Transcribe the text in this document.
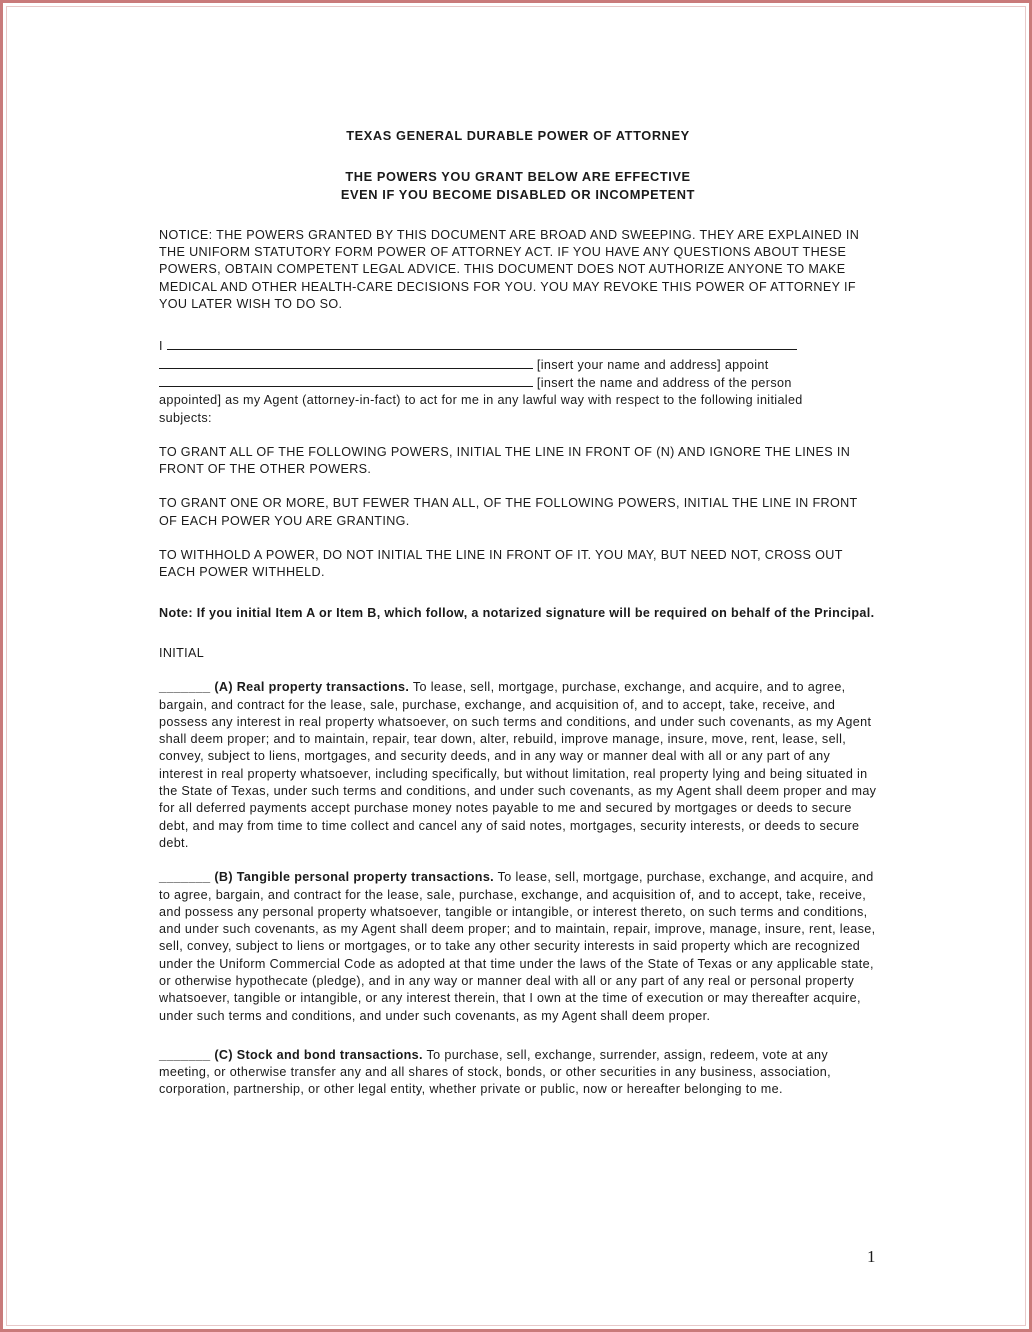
TEXAS GENERAL DURABLE POWER OF ATTORNEY

THE POWERS YOU GRANT BELOW ARE EFFECTIVE
EVEN IF YOU BECOME DISABLED OR INCOMPETENT

NOTICE: THE POWERS GRANTED BY THIS DOCUMENT ARE BROAD AND SWEEPING. THEY ARE EXPLAINED IN THE UNIFORM STATUTORY FORM POWER OF ATTORNEY ACT. IF YOU HAVE ANY QUESTIONS ABOUT THESE POWERS, OBTAIN COMPETENT LEGAL ADVICE. THIS DOCUMENT DOES NOT AUTHORIZE ANYONE TO MAKE MEDICAL AND OTHER HEALTH-CARE DECISIONS FOR YOU. YOU MAY REVOKE THIS POWER OF ATTORNEY IF YOU LATER WISH TO DO SO.

I
[insert your name and address] appoint
[insert the name and address of the person

appointed] as my Agent (attorney-in-fact) to act for me in any lawful way with respect to the following initialed subjects:

TO GRANT ALL OF THE FOLLOWING POWERS, INITIAL THE LINE IN FRONT OF (N) AND IGNORE THE LINES IN FRONT OF THE OTHER POWERS.

TO GRANT ONE OR MORE, BUT FEWER THAN ALL, OF THE FOLLOWING POWERS, INITIAL THE LINE IN FRONT OF EACH POWER YOU ARE GRANTING.

TO WITHHOLD A POWER, DO NOT INITIAL THE LINE IN FRONT OF IT. YOU MAY, BUT NEED NOT, CROSS OUT EACH POWER WITHHELD.

Note: If you initial Item A or Item B, which follow, a notarized signature will be required on behalf of the Principal.

INITIAL

_______ (A) Real property transactions. To lease, sell, mortgage, purchase, exchange, and acquire, and to agree, bargain, and contract for the lease, sale, purchase, exchange, and acquisition of, and to accept, take, receive, and possess any interest in real property whatsoever, on such terms and conditions, and under such covenants, as my Agent shall deem proper; and to maintain, repair, tear down, alter, rebuild, improve manage, insure, move, rent, lease, sell, convey, subject to liens, mortgages, and security deeds, and in any way or manner deal with all or any part of any interest in real property whatsoever, including specifically, but without limitation, real property lying and being situated in the State of Texas, under such terms and conditions, and under such covenants, as my Agent shall deem proper and may for all deferred payments accept purchase money notes payable to me and secured by mortgages or deeds to secure debt, and may from time to time collect and cancel any of said notes, mortgages, security interests, or deeds to secure debt.

_______ (B) Tangible personal property transactions. To lease, sell, mortgage, purchase, exchange, and acquire, and to agree, bargain, and contract for the lease, sale, purchase, exchange, and acquisition of, and to accept, take, receive, and possess any personal property whatsoever, tangible or intangible, or interest thereto, on such terms and conditions, and under such covenants, as my Agent shall deem proper; and to maintain, repair, improve, manage, insure, rent, lease, sell, convey, subject to liens or mortgages, or to take any other security interests in said property which are recognized under the Uniform Commercial Code as adopted at that time under the laws of the State of Texas or any applicable state, or otherwise hypothecate (pledge), and in any way or manner deal with all or any part of any real or personal property whatsoever, tangible or intangible, or any interest therein, that I own at the time of execution or may thereafter acquire, under such terms and conditions, and under such covenants, as my Agent shall deem proper.

_______ (C) Stock and bond transactions. To purchase, sell, exchange, surrender, assign, redeem, vote at any meeting, or otherwise transfer any and all shares of stock, bonds, or other securities in any business, association, corporation, partnership, or other legal entity, whether private or public, now or hereafter belonging to me.

1
